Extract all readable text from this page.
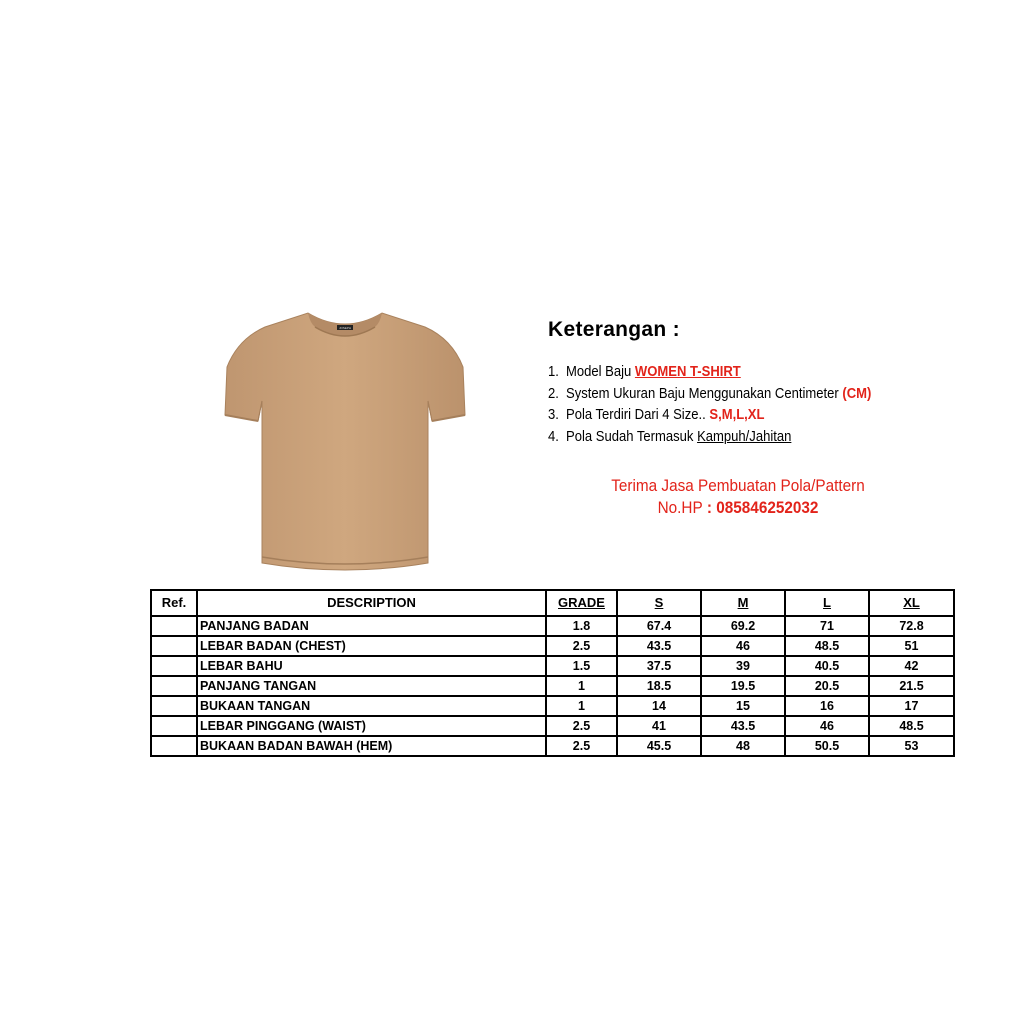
JOSEPH	Keterangan :
1. Model Baju WOMEN T-SHIRT
2. System Ukuran Baju Menggunakan Centimeter (CM)
3. Pola Terdiri Dari 4 Size.. S,M,L,XL
4. Pola Sudah Termasuk Kampuh/Jahitan
Terima Jasa Pembuatan Pola/Pattern
No.HP : 085846252032
Ref.	DESCRIPTION	GRADE	S	M	L	XL
	PANJANG BADAN	1.8	67.4	69.2	71	72.8
	LEBAR BADAN (CHEST)	2.5	43.5	46	48.5	51
	LEBAR BAHU	1.5	37.5	39	40.5	42
	PANJANG TANGAN	1	18.5	19.5	20.5	21.5
	BUKAAN TANGAN	1	14	15	16	17
	LEBAR PINGGANG (WAIST)	2.5	41	43.5	46	48.5
	BUKAAN BADAN BAWAH (HEM)	2.5	45.5	48	50.5	53
